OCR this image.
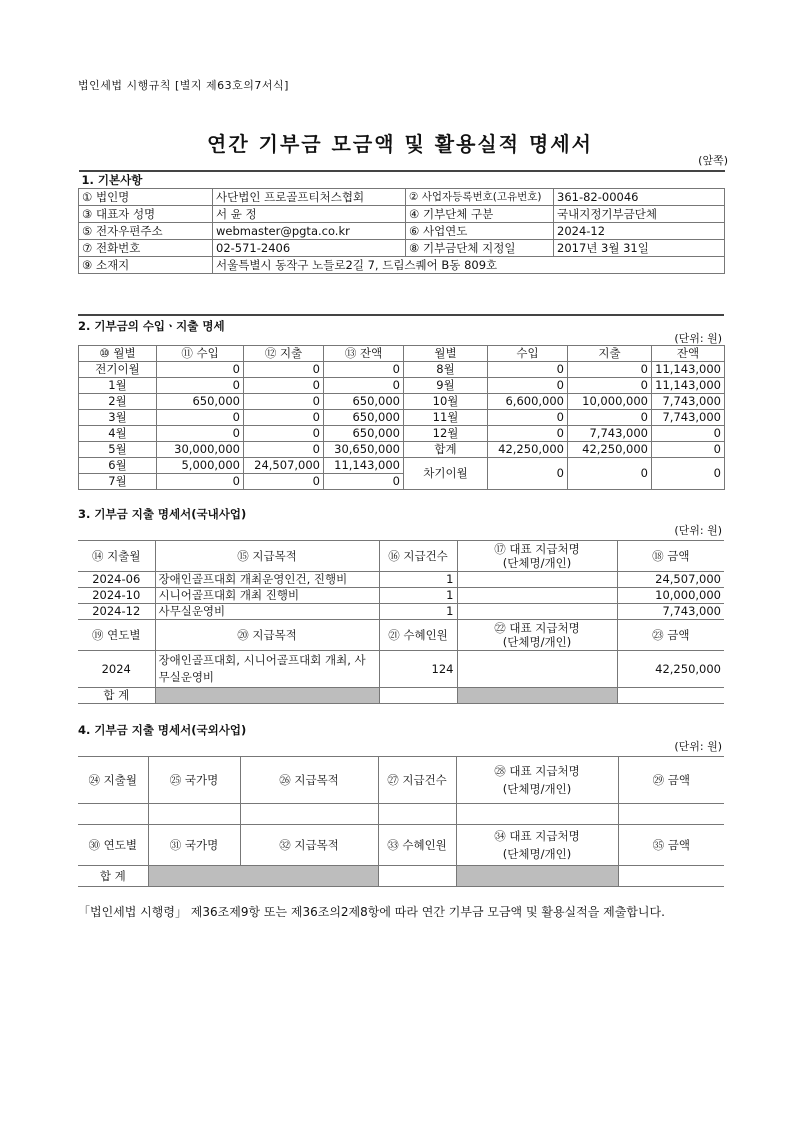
법인세법 시행규칙 [별지 제63호의7서식]
연간 기부금 모금액 및 활용실적 명세서
(앞쪽)
1. 기본사항			
① 법인명	사단법인 프로골프티처스협회	② 사업자등록번호(고유번호)	361-82-00046
③ 대표자 성명	서 윤 정	④ 기부단체 구분	국내지정기부금단체
⑤ 전자우편주소	webmaster@pgta.co.kr	⑥ 사업연도	2024-12
⑦ 전화번호	02-571-2406	⑧ 기부금단체 지정일	2017년 3월 31일
⑨ 소재지	서울특별시 동작구 노들로2길 7, 드림스퀘어 B동 809호		
2. 기부금의 수입ㆍ지출 명세
(단위: 원)
⑩ 월별	⑪ 수입	⑫ 지출	⑬ 잔액	월별	수입	지출	잔액
전기이월	0	0	0	8월	0	0	11,143,000
1월	0	0	0	9월	0	0	11,143,000
2월	650,000	0	650,000	10월	6,600,000	10,000,000	7,743,000
3월	0	0	650,000	11월	0	0	7,743,000
4월	0	0	650,000	12월	0	7,743,000	0
5월	30,000,000	0	30,650,000	합계	42,250,000	42,250,000	0
6월	5,000,000	24,507,000	11,143,000	차기이월	0	0	0
7월	0	0	0				
3. 기부금 지출 명세서(국내사업)
(단위: 원)
⑭ 지출월	⑮ 지급목적	⑯ 지급건수	⑰ 대표 지급처명
(단체명/개인)	⑱ 금액
2024-06	장애인골프대회 개최운영인건, 진행비	1		24,507,000
2024-10	시니어골프대회 개최 진행비	1		10,000,000
2024-12	사무실운영비	1		7,743,000
⑲ 연도별	⑳ 지급목적	㉑ 수혜인원	㉒ 대표 지급처명
(단체명/개인)	㉓ 금액
2024	장애인골프대회, 시니어골프대회 개최, 사무실운영비	124		42,250,000
합 계				
4. 기부금 지출 명세서(국외사업)
(단위: 원)
㉔ 지출월	㉕ 국가명	㉖ 지급목적	㉗ 지급건수	㉘ 대표 지급처명
(단체명/개인)	㉙ 금액

㉚ 연도별	㉛ 국가명	㉜ 지급목적	㉝ 수혜인원	㉞ 대표 지급처명
(단체명/개인)	㉟ 금액
합 계					
「법인세법 시행령」 제36조제9항 또는 제36조의2제8항에 따라 연간 기부금 모금액 및 활용실적을 제출합니다.
